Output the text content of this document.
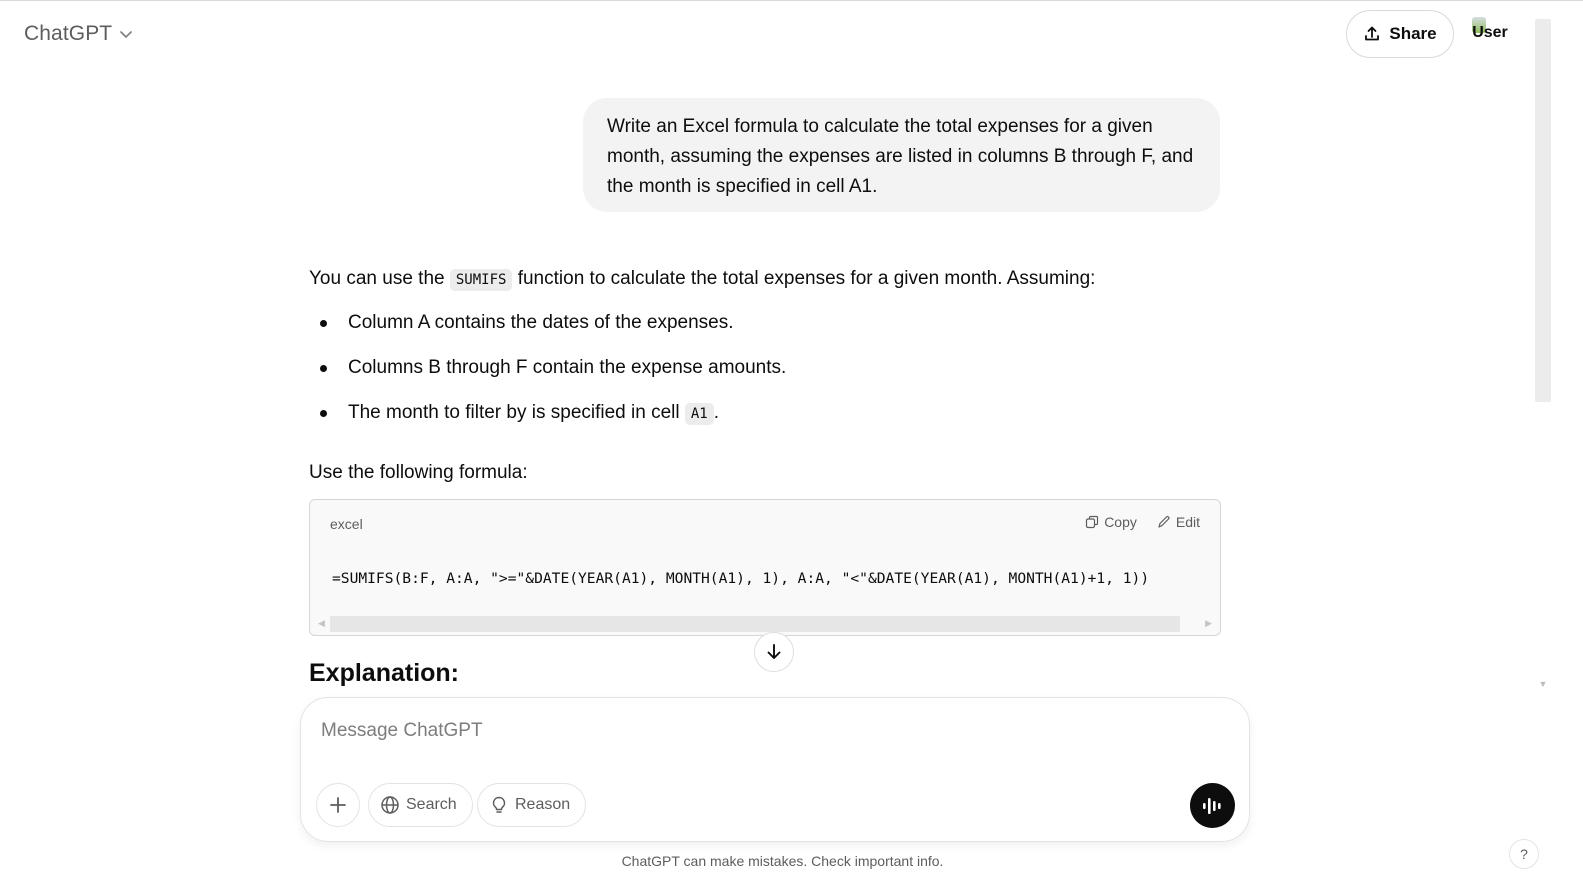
ChatGPT	Share User
▼

Write an Excel formula to calculate the total expenses for a given month, assuming the expenses are listed in columns B through F, and the month is specified in cell A1.

You can use the SUMIFS function to calculate the total expenses for a given month. Assuming:

Column A contains the dates of the expenses.
Columns B through F contain the expense amounts.
The month to filter by is specified in cell A1 .

Use the following formula:

excel	Copy	Edit
=SUMIFS(B:F, A:A, ">="&DATE(YEAR(A1), MONTH(A1), 1), A:A, "<"&DATE(YEAR(A1), MONTH(A1)+1, 1))
◀	▶
Explanation:
Message ChatGPT
Search	Reason

ChatGPT can make mistakes. Check important info.	?
